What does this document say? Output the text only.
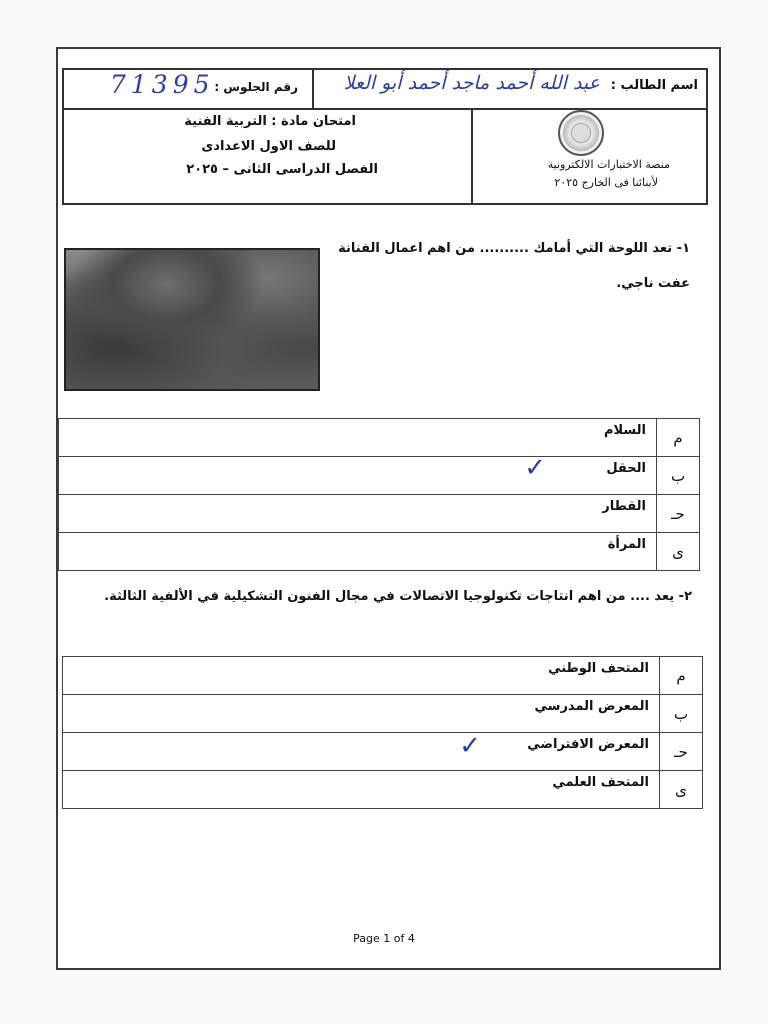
اسم الطالب :
عبد الله أحمد ماجد أحمد أبو العلا
رقم الجلوس :
71395
امتحان مادة : التربية الفنية
للصف الاول الاعدادى
الفصل الدراسى الثانى – ٢٠٢٥	منصة الاختبارات الالكترونية
لأبنائنا فى الخارج ٢٠٢٥
١- تعد اللوحة التي أمامك .......... من اهم اعمال الفنانة
عفت ناجي.
م	السلام
ب	الحقل
✓

حـ	القطار
ى	المرأة
٢- يعد .... من اهم انتاجات تكنولوجيا الاتصالات في مجال الفنون التشكيلية في الألفية الثالثة.
م	المتحف الوطني
ب	المعرض المدرسي
حـ	المعرض الافتراضي
✓

ى	المتحف العلمي
Page 1 of 4
